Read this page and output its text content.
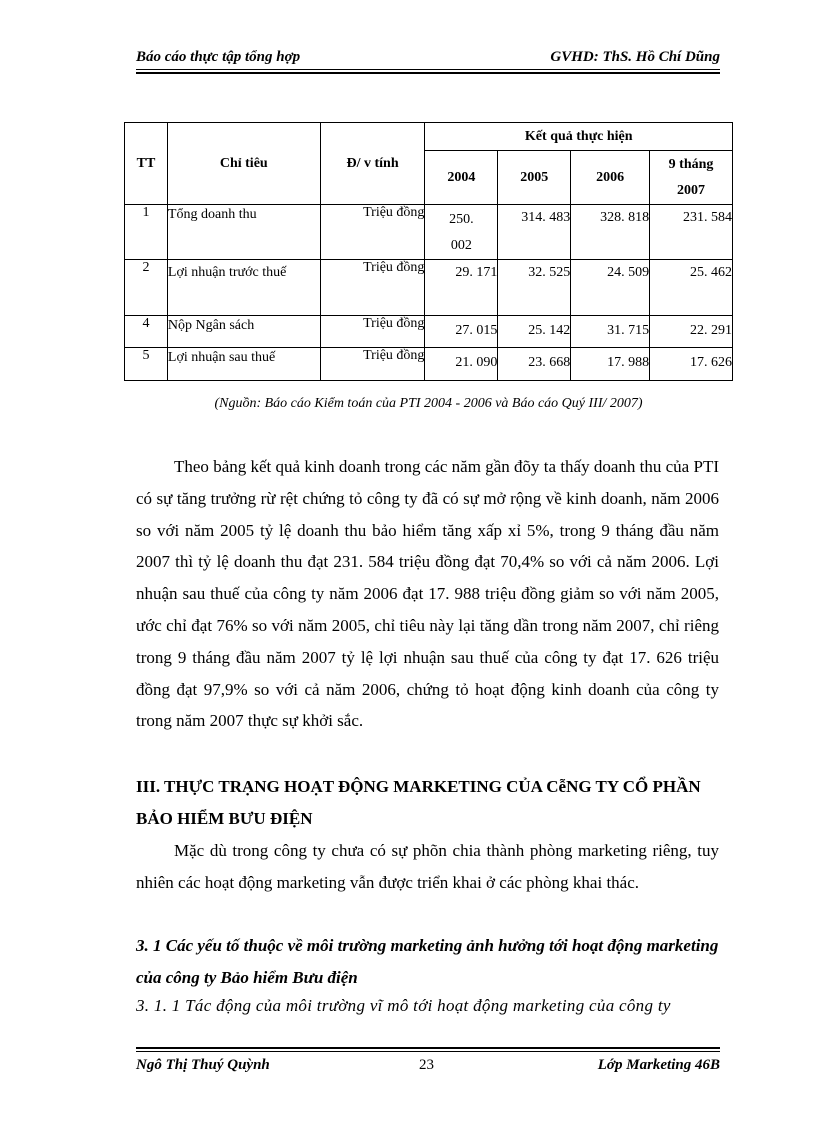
Báo cáo thực tập tổng hợp	GVHD: ThS. Hồ Chí Dũng
TT	Chỉ tiêu	Đ/ v tính	Kết quả thực hiện			
			2004	2005	2006	9 tháng
2007
1	Tổng doanh thu	Triệu đồng	250. 002	314. 483	328. 818	231. 584
2	Lợi nhuận trước thuế	Triệu đồng	29. 171	32. 525	24. 509	25. 462
4	Nộp Ngân sách	Triệu đồng	27. 015	25. 142	31. 715	22. 291
5	Lợi nhuận sau thuế	Triệu đồng	21. 090	23. 668	17. 988	17. 626
(Nguồn: Báo cáo Kiểm toán của PTI 2004 - 2006 và Báo cáo Quý III/ 2007)
Theo bảng kết quả kinh doanh trong các năm gần đõy ta thấy doanh thu của PTI có sự tăng trưởng rừ rệt chứng tỏ công ty đã có sự mở rộng về kinh doanh, năm 2006 so với năm 2005 tỷ lệ doanh thu bảo hiểm tăng xấp xỉ 5%, trong 9 tháng đầu năm 2007 thì tỷ lệ doanh thu đạt 231. 584 triệu đồng đạt 70,4% so với cả năm 2006. Lợi nhuận sau thuế của công ty năm 2006 đạt 17. 988 triệu đồng giảm so với năm 2005, ước chỉ đạt 76% so với năm 2005, chỉ tiêu này lại tăng dần trong năm 2007, chỉ riêng trong 9 tháng đầu năm 2007 tỷ lệ lợi nhuận sau thuế của công ty đạt 17. 626 triệu đồng đạt 97,9% so với cả năm 2006, chứng tỏ hoạt động kinh doanh của công ty trong năm 2007 thực sự khởi sắc.
III. THỰC TRẠNG HOẠT ĐỘNG MARKETING CỦA CễNG TY CỔ PHẦN BẢO HIỂM BƯU ĐIỆN
Mặc dù trong công ty chưa có sự phõn chia thành phòng marketing riêng, tuy nhiên các hoạt động marketing vẫn được triển khai ở các phòng khai thác.
3. 1 Các yếu tố thuộc về môi trường marketing ảnh hưởng tới hoạt động marketing của công ty Bảo hiểm Bưu điện
3. 1. 1 Tác động của môi trường vĩ mô tới hoạt động marketing của công ty
Ngô Thị Thuý Quỳnh	23	Lớp Marketing 46B
